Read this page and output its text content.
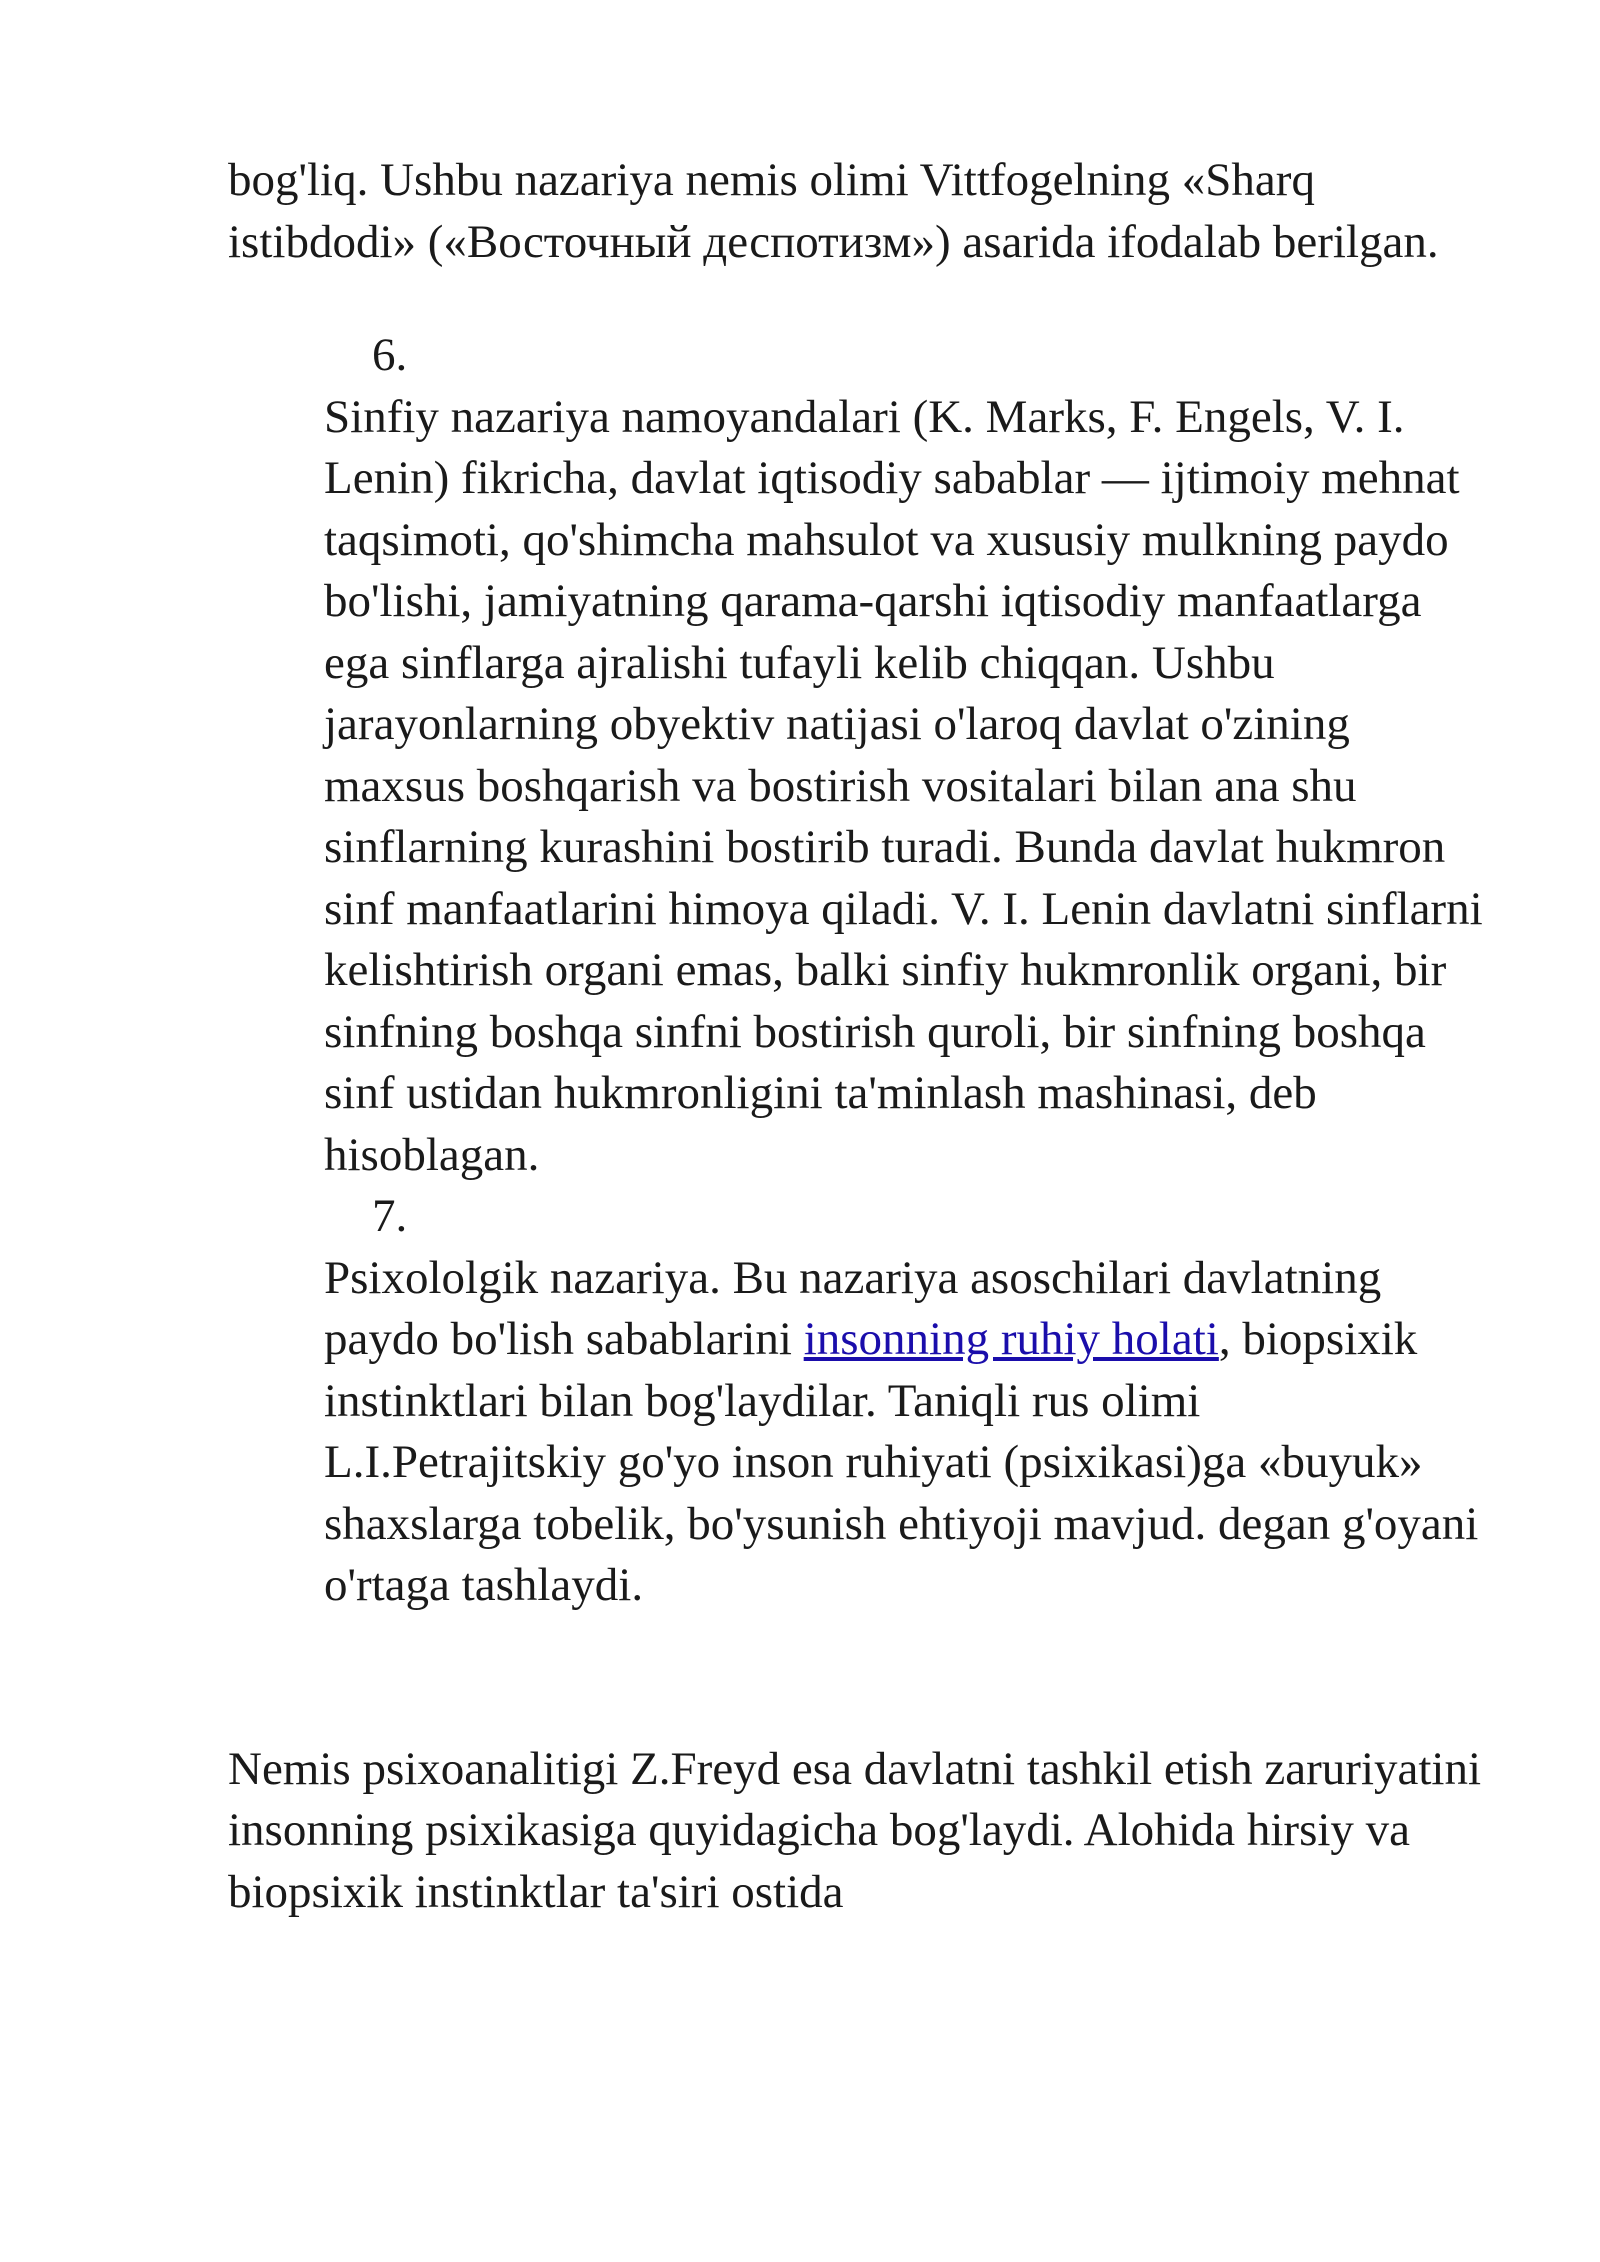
bog'liq. Ushbu nazariya nemis olimi Vittfogelning «Sharq istibdodi» («Восточный деспотизм») asarida ifodalab berilgan.

6.
Sinfiy nazariya namoyandalari (K. Marks, F. Engels, V. I. Lenin) fikricha, davlat iqtisodiy sabablar — ijtimoiy mehnat taqsimoti, qo'shimcha mahsulot va xususiy mulkning paydo bo'lishi, jamiyatning qarama-qarshi iqtisodiy manfaatlarga ega sinflarga ajralishi tufayli kelib chiqqan. Ushbu jarayonlarning obyektiv natijasi o'laroq davlat o'zining maxsus boshqarish va bostirish vositalari bilan ana shu sinflarning kurashini bostirib turadi. Bunda davlat hukmron sinf manfaatlarini himoya qiladi. V. I. Lenin davlatni sinflarni kelishtirish organi emas, balki sinfiy hukmronlik organi, bir sinfning boshqa sinfni bostirish quroli, bir sinfning boshqa sinf ustidan hukmronligini ta'minlash mashinasi, deb hisoblagan.
7.
Psixololgik nazariya. Bu nazariya asoschilari davlatning paydo bo'lish sabablarini insonning ruhiy holati, biopsixik instinktlari bilan bog'laydilar. Taniqli rus olimi L.I.Petrajitskiy go'yo inson ruhiyati (psixikasi)ga «buyuk» shaxslarga tobelik, bo'ysunish ehtiyoji mavjud. degan g'oyani o'rtaga tashlaydi.

Nemis psixoanalitigi Z.Freyd esa davlatni tashkil etish zaruriyatini insonning psixikasiga quyidagicha bog'laydi. Alohida hirsiy va biopsixik instinktlar ta'siri ostida
